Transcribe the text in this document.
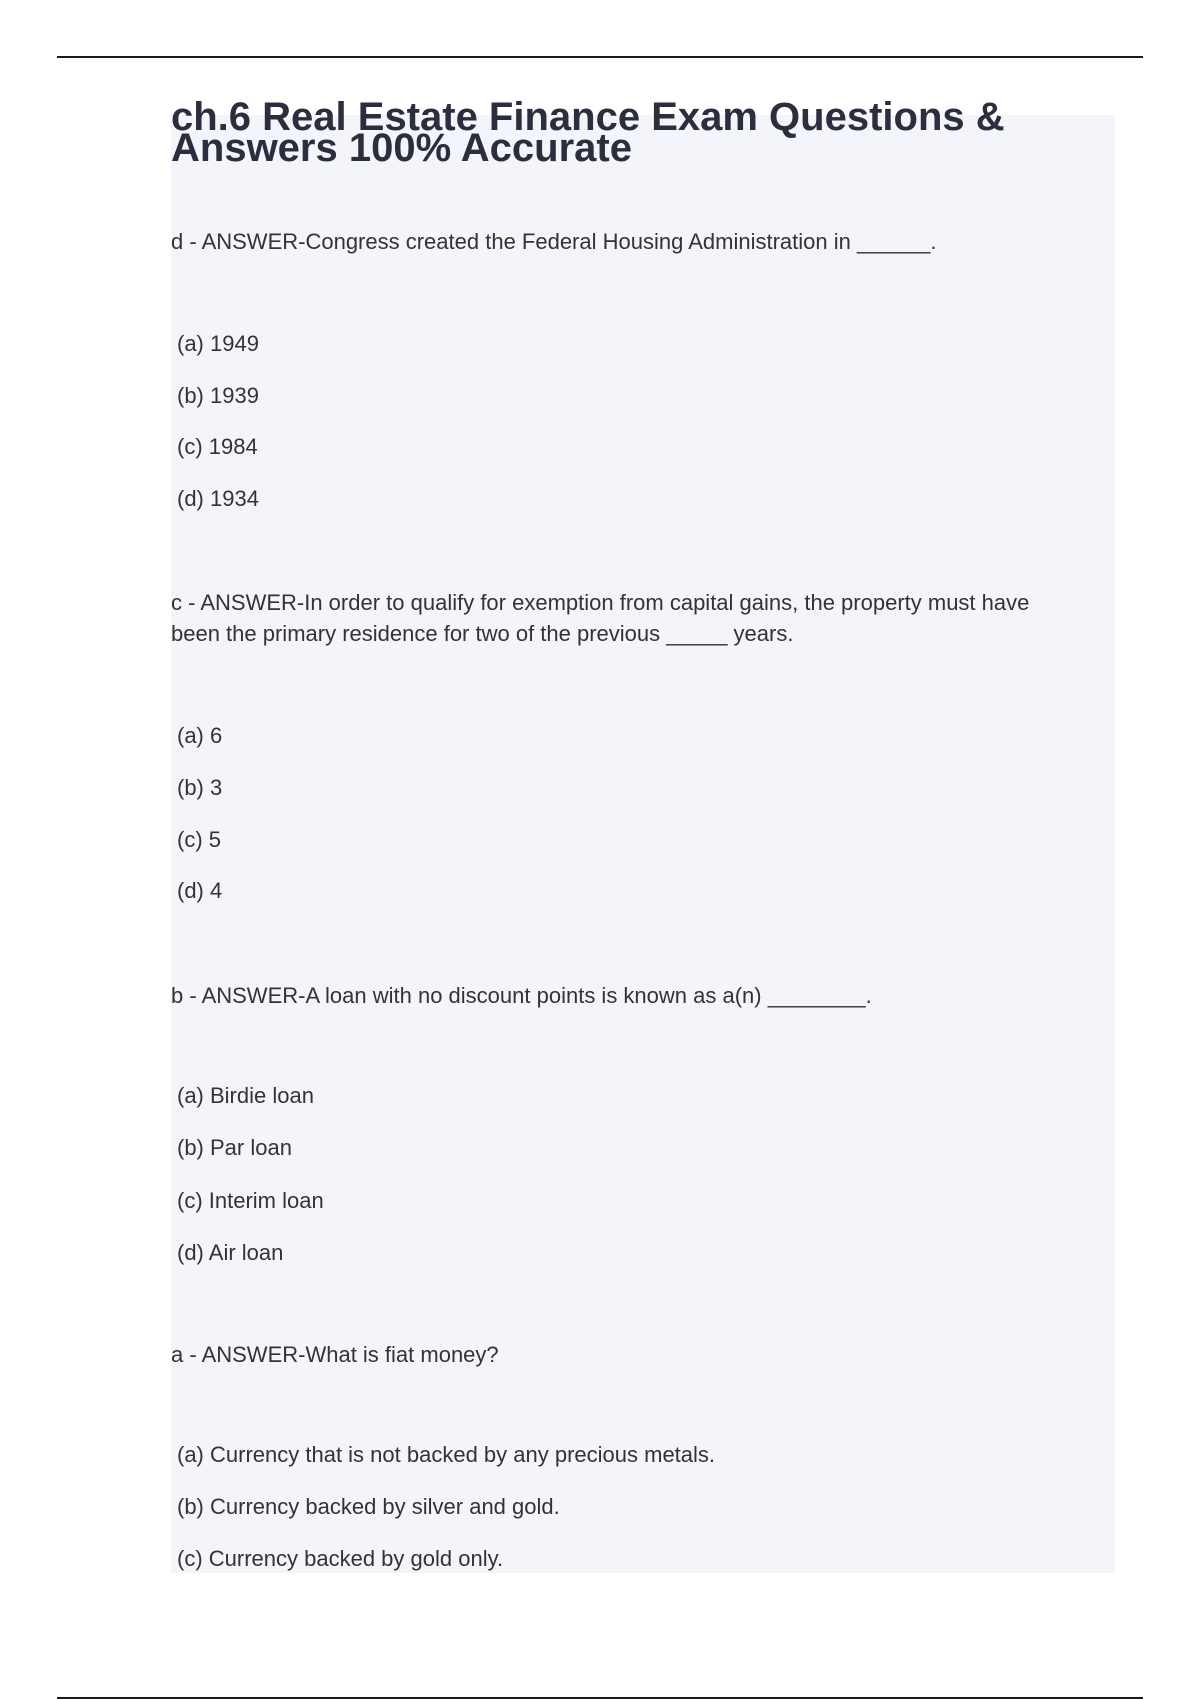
ch.6 Real Estate Finance Exam Questions &
Answers 100% Accurate

d - ANSWER-Congress created the Federal Housing Administration in ______.

(a) 1949

(b) 1939

(c) 1984

(d) 1934

c - ANSWER-In order to qualify for exemption from capital gains, the property must have been the primary residence for two of the previous _____ years.

(a) 6

(b) 3

(c) 5

(d) 4

b - ANSWER-A loan with no discount points is known as a(n) ________.

(a) Birdie loan

(b) Par loan

(c) Interim loan

(d) Air loan

a - ANSWER-What is fiat money?

(a) Currency that is not backed by any precious metals.

(b) Currency backed by silver and gold.

(c) Currency backed by gold only.
